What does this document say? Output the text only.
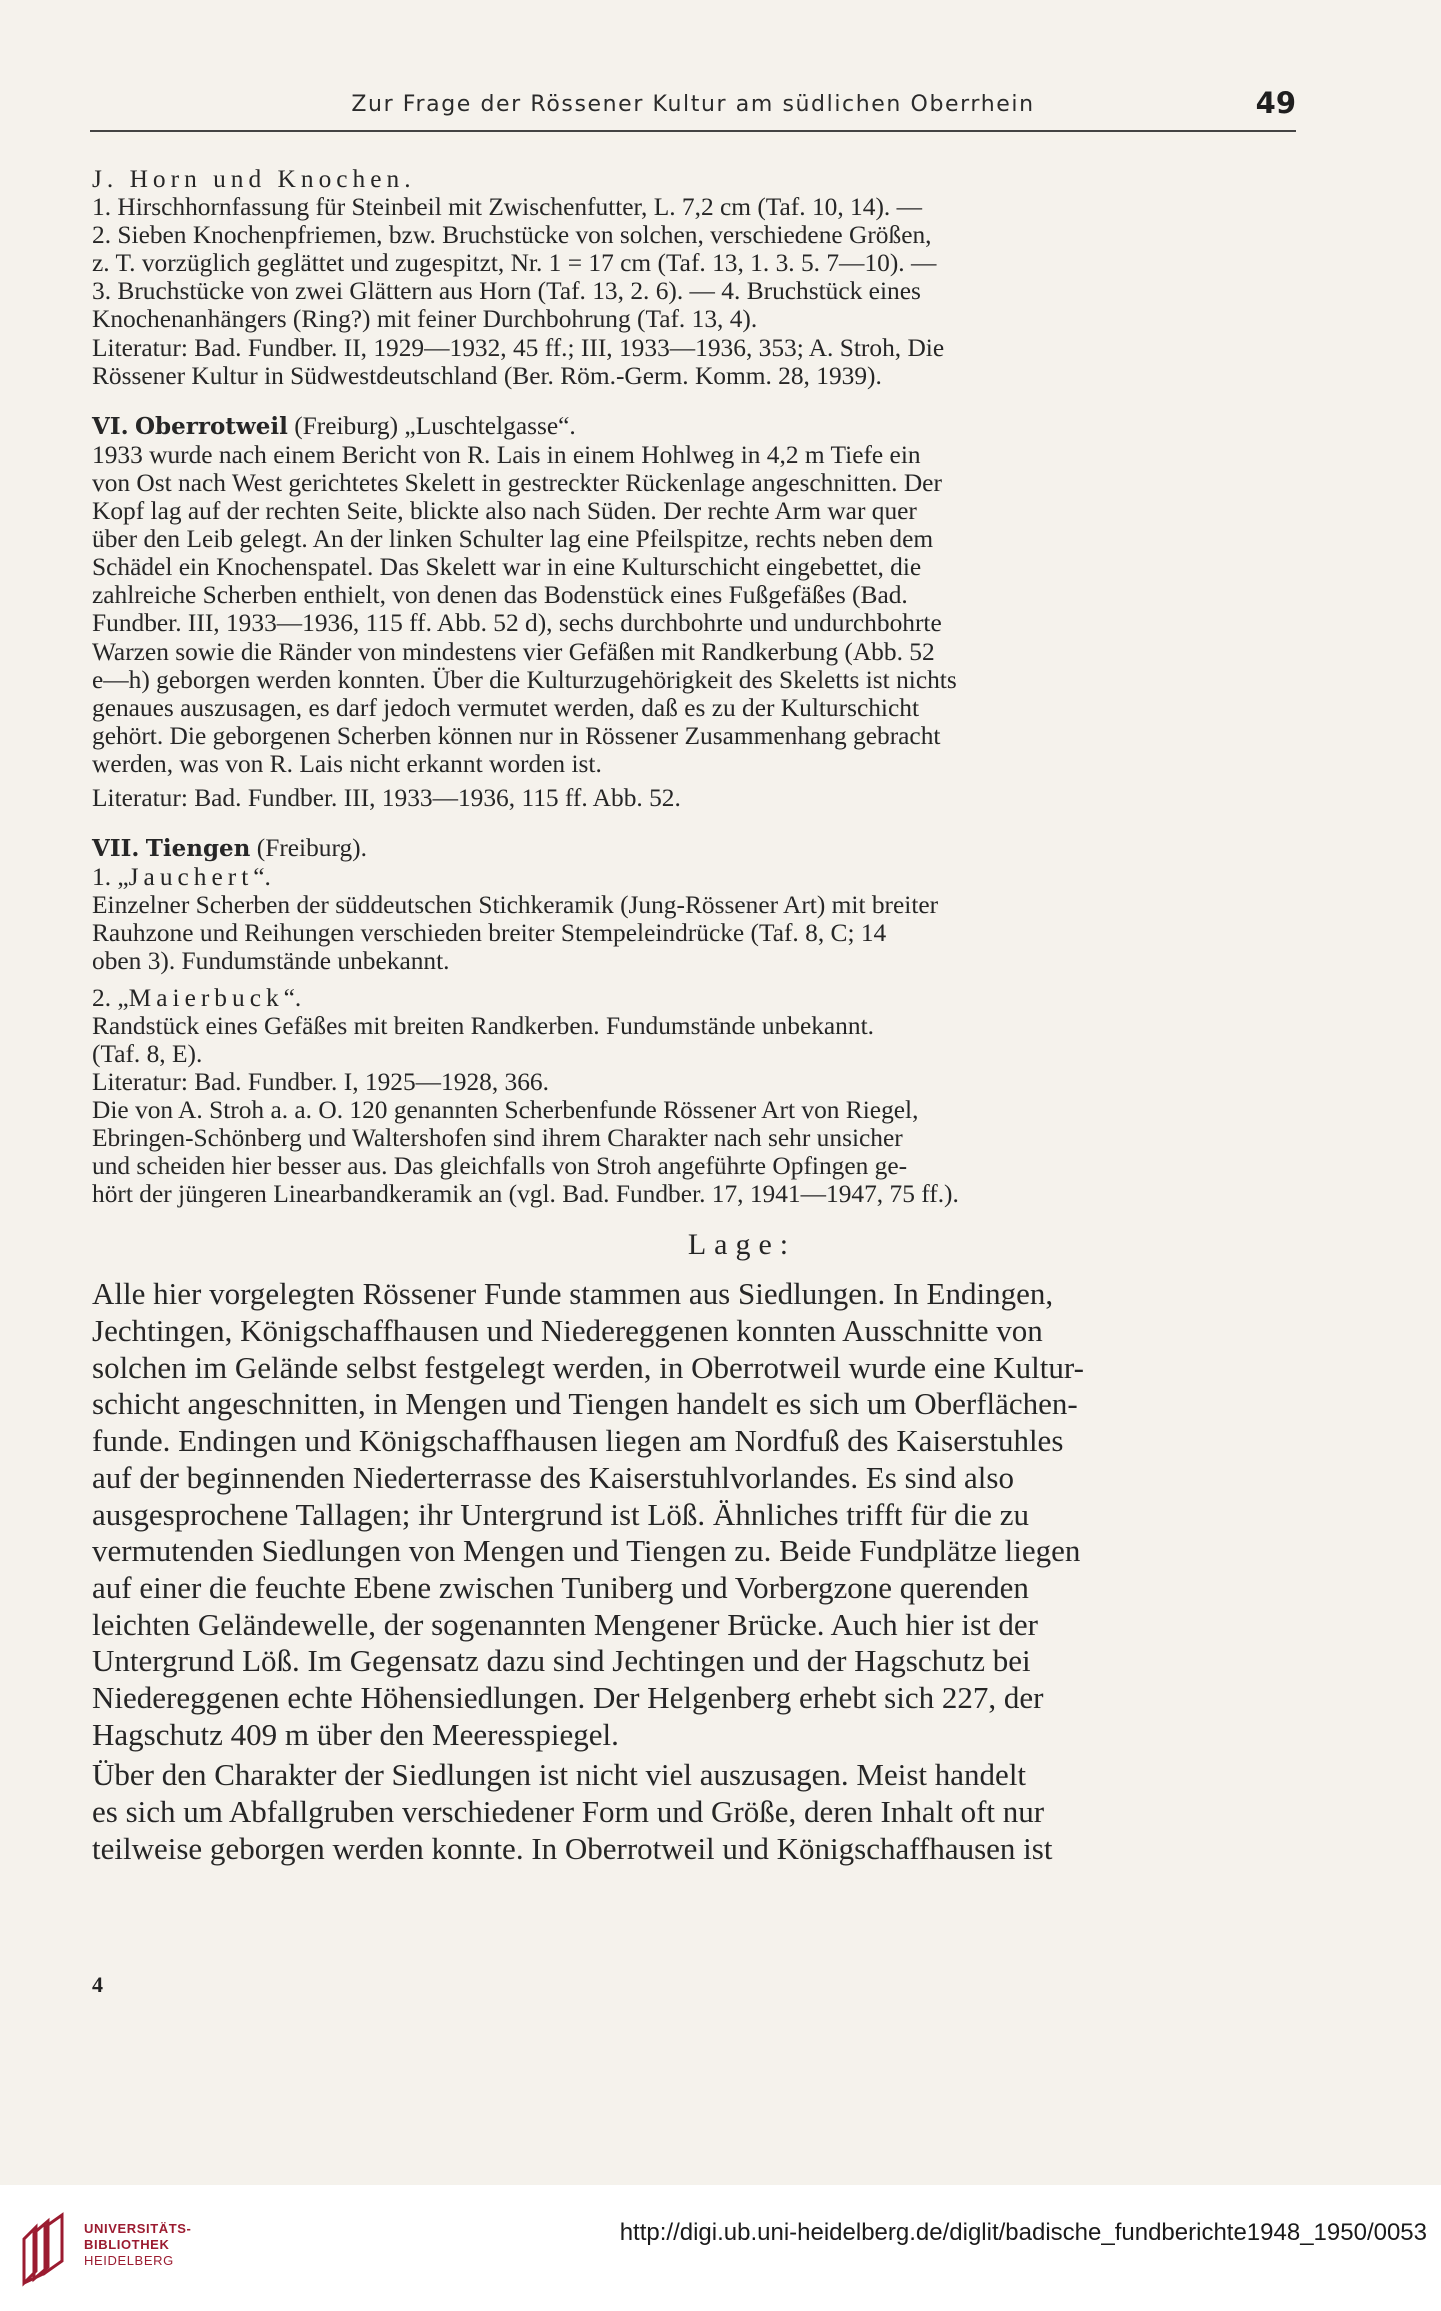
Zur Frage der Rössener Kultur am südlichen Oberrhein	49
J. Horn und Knochen.
1. Hirschhornfassung für Steinbeil mit Zwischenfutter, L. 7,2 cm (Taf. 10, 14). —
2. Sieben Knochenpfriemen, bzw. Bruchstücke von solchen, verschiedene Größen,
z. T. vorzüglich geglättet und zugespitzt, Nr. 1 = 17 cm (Taf. 13, 1. 3. 5. 7—10). —
3. Bruchstücke von zwei Glättern aus Horn (Taf. 13, 2. 6). — 4. Bruchstück eines
Knochenanhängers (Ring?) mit feiner Durchbohrung (Taf. 13, 4).
Literatur: Bad. Fundber. II, 1929—1932, 45 ff.; III, 1933—1936, 353; A. Stroh, Die
Rössener Kultur in Südwestdeutschland (Ber. Röm.-Germ. Komm. 28, 1939).
VI. Oberrotweil (Freiburg) „Luschtelgasse“.
1933 wurde nach einem Bericht von R. Lais in einem Hohlweg in 4,2 m Tiefe ein
von Ost nach West gerichtetes Skelett in gestreckter Rückenlage angeschnitten. Der
Kopf lag auf der rechten Seite, blickte also nach Süden. Der rechte Arm war quer
über den Leib gelegt. An der linken Schulter lag eine Pfeilspitze, rechts neben dem
Schädel ein Knochenspatel. Das Skelett war in eine Kulturschicht eingebettet, die
zahlreiche Scherben enthielt, von denen das Bodenstück eines Fußgefäßes (Bad.
Fundber. III, 1933—1936, 115 ff. Abb. 52 d), sechs durchbohrte und undurchbohrte
Warzen sowie die Ränder von mindestens vier Gefäßen mit Randkerbung (Abb. 52
e—h) geborgen werden konnten. Über die Kulturzugehörigkeit des Skeletts ist nichts
genaues auszusagen, es darf jedoch vermutet werden, daß es zu der Kulturschicht
gehört. Die geborgenen Scherben können nur in Rössener Zusammenhang gebracht
werden, was von R. Lais nicht erkannt worden ist.
Literatur: Bad. Fundber. III, 1933—1936, 115 ff. Abb. 52.
VII. Tiengen (Freiburg).
1. „Jauchert“.
Einzelner Scherben der süddeutschen Stichkeramik (Jung-Rössener Art) mit breiter
Rauhzone und Reihungen verschieden breiter Stempeleindrücke (Taf. 8, C; 14
oben 3). Fundumstände unbekannt.
2. „Maierbuck“.
Randstück eines Gefäßes mit breiten Randkerben. Fundumstände unbekannt.
(Taf. 8, E).
Literatur: Bad. Fundber. I, 1925—1928, 366.
Die von A. Stroh a. a. O. 120 genannten Scherbenfunde Rössener Art von Riegel,
Ebringen-Schönberg und Waltershofen sind ihrem Charakter nach sehr unsicher
und scheiden hier besser aus. Das gleichfalls von Stroh angeführte Opfingen ge-
hört der jüngeren Linearbandkeramik an (vgl. Bad. Fundber. 17, 1941—1947, 75 ff.).
Lage:
Alle hier vorgelegten Rössener Funde stammen aus Siedlungen. In Endingen,
Jechtingen, Königschaffhausen und Niedereggenen konnten Ausschnitte von
solchen im Gelände selbst festgelegt werden, in Oberrotweil wurde eine Kultur-
schicht angeschnitten, in Mengen und Tiengen handelt es sich um Oberflächen-
funde. Endingen und Königschaffhausen liegen am Nordfuß des Kaiserstuhles
auf der beginnenden Niederterrasse des Kaiserstuhlvorlandes. Es sind also
ausgesprochene Tallagen; ihr Untergrund ist Löß. Ähnliches trifft für die zu
vermutenden Siedlungen von Mengen und Tiengen zu. Beide Fundplätze liegen
auf einer die feuchte Ebene zwischen Tuniberg und Vorbergzone querenden
leichten Geländewelle, der sogenannten Mengener Brücke. Auch hier ist der
Untergrund Löß. Im Gegensatz dazu sind Jechtingen und der Hagschutz bei
Niedereggenen echte Höhensiedlungen. Der Helgenberg erhebt sich 227, der
Hagschutz 409 m über den Meeresspiegel.
Über den Charakter der Siedlungen ist nicht viel auszusagen. Meist handelt
es sich um Abfallgruben verschiedener Form und Größe, deren Inhalt oft nur
teilweise geborgen werden konnte. In Oberrotweil und Königschaffhausen ist
4
UNIVERSITÄTS-
BIBLIOTHEK
HEIDELBERG
http://digi.ub.uni-heidelberg.de/diglit/badische_fundberichte1948_1950/0053
